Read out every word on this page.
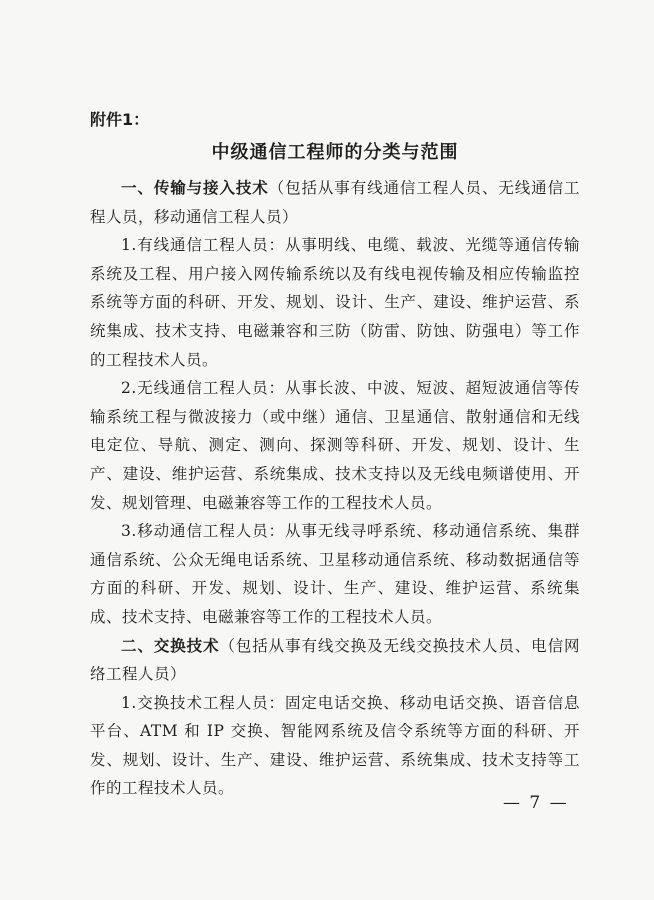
附件1：

中级通信工程师的分类与范围

一、传输与接入技术（包括从事有线通信工程人员、无线通信工程人员，移动通信工程人员）

1.有线通信工程人员：从事明线、电缆、载波、光缆等通信传输系统及工程、用户接入网传输系统以及有线电视传输及相应传输监控系统等方面的科研、开发、规划、设计、生产、建设、维护运营、系统集成、技术支持、电磁兼容和三防（防雷、防蚀、防强电）等工作的工程技术人员。

2.无线通信工程人员：从事长波、中波、短波、超短波通信等传输系统工程与微波接力（或中继）通信、卫星通信、散射通信和无线电定位、导航、测定、测向、探测等科研、开发、规划、设计、生产、建设、维护运营、系统集成、技术支持以及无线电频谱使用、开发、规划管理、电磁兼容等工作的工程技术人员。

3.移动通信工程人员：从事无线寻呼系统、移动通信系统、集群通信系统、公众无绳电话系统、卫星移动通信系统、移动数据通信等方面的科研、开发、规划、设计、生产、建设、维护运营、系统集成、技术支持、电磁兼容等工作的工程技术人员。

二、交换技术（包括从事有线交换及无线交换技术人员、电信网络工程人员）

1.交换技术工程人员：固定电话交换、移动电话交换、语音信息平台、ATM 和 IP 交换、智能网系统及信令系统等方面的科研、开发、规划、设计、生产、建设、维护运营、系统集成、技术支持等工作的工程技术人员。

— 7 —
